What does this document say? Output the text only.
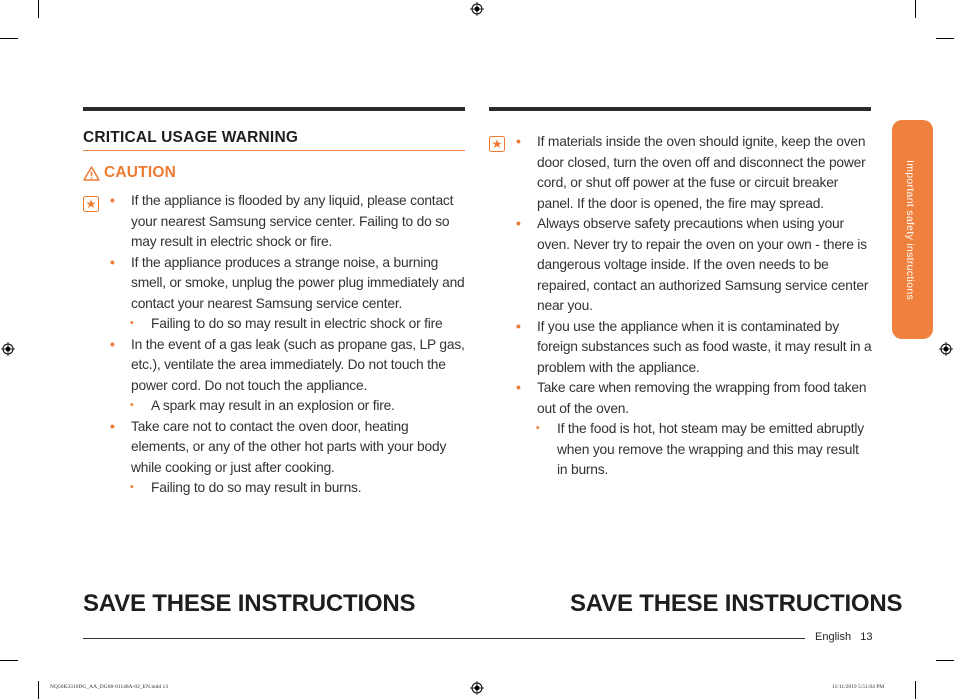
CRITICAL USAGE WARNING
CAUTION
• If the appliance is flooded by any liquid, please contact your nearest Samsung service center. Failing to do so may result in electric shock or fire.
• If the appliance produces a strange noise, a burning smell, or smoke, unplug the power plug immediately and contact your nearest Samsung service center.
• Failing to do so may result in electric shock or fire
• In the event of a gas leak (such as propane gas, LP gas, etc.), ventilate the area immediately. Do not touch the power cord. Do not touch the appliance.
• A spark may result in an explosion or fire.
• Take care not to contact the oven door, heating elements, or any of the other hot parts with your body while cooking or just after cooking.
• Failing to do so may result in burns.
• If materials inside the oven should ignite, keep the oven door closed, turn the oven off and disconnect the power cord, or shut off power at the fuse or circuit breaker panel. If the door is opened, the fire may spread.
• Always observe safety precautions when using your oven. Never try to repair the oven on your own - there is dangerous voltage inside. If the oven needs to be repaired, contact an authorized Samsung service center near you.
• If you use the appliance when it is contaminated by foreign substances such as food waste, it may result in a problem with the appliance.
• Take care when removing the wrapping from food taken out of the oven.
• If the food is hot, hot steam may be emitted abruptly when you remove the wrapping and this may result in burns.
Important safety instructions
SAVE THESE INSTRUCTIONS	SAVE THESE INSTRUCTIONS
English 13
NQ50K3310DG_AA_DG68-01148A-02_EN.indd 13	11/11/2019 5:51:04 PM
